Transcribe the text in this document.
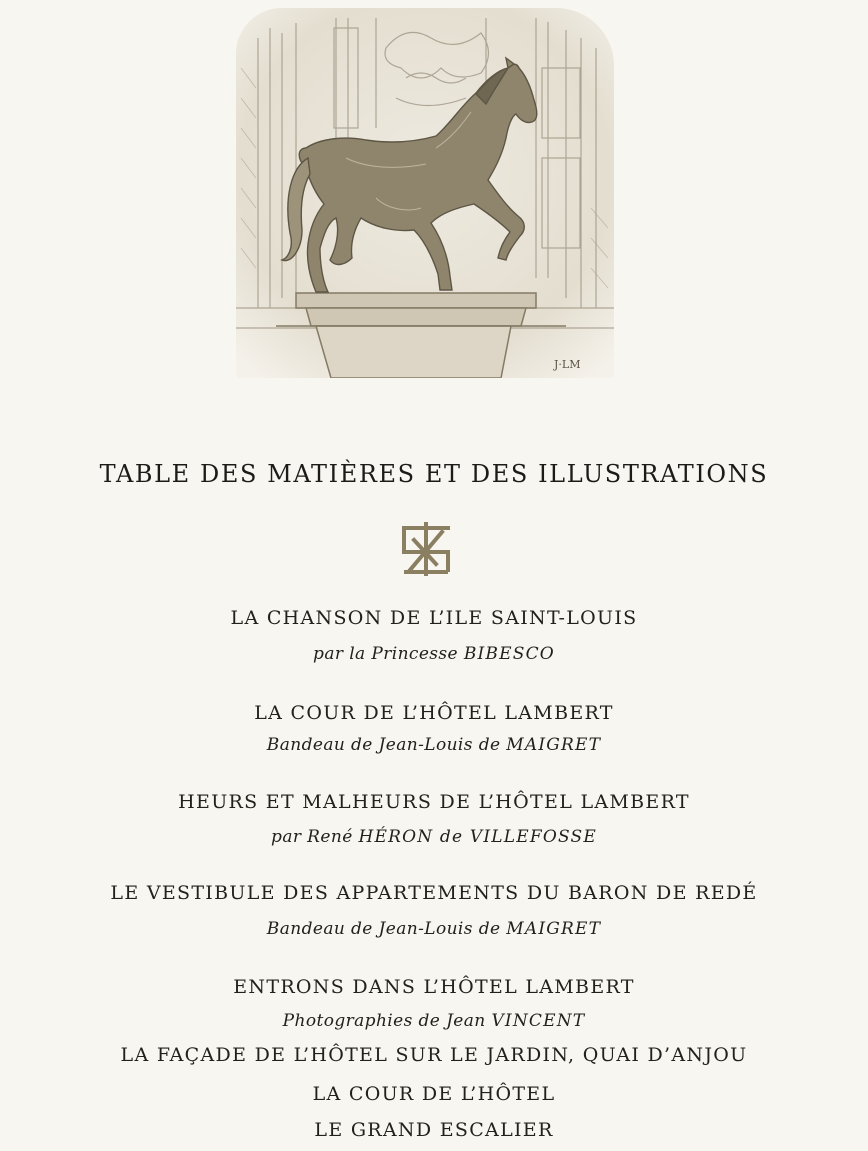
J·LM
TABLE DES MATIÈRES ET DES ILLUSTRATIONS
LA CHANSON DE L’ILE SAINT-LOUIS
par la Princesse BIBESCO
LA COUR DE L’HÔTEL LAMBERT
Bandeau de Jean-Louis de MAIGRET
HEURS ET MALHEURS DE L’HÔTEL LAMBERT
par René HÉRON de VILLEFOSSE
LE VESTIBULE DES APPARTEMENTS DU BARON DE REDÉ
Bandeau de Jean-Louis de MAIGRET
ENTRONS DANS L’HÔTEL LAMBERT
Photographies de Jean VINCENT
LA FAÇADE DE L’HÔTEL SUR LE JARDIN, QUAI D’ANJOU
LA COUR DE L’HÔTEL
LE GRAND ESCALIER
